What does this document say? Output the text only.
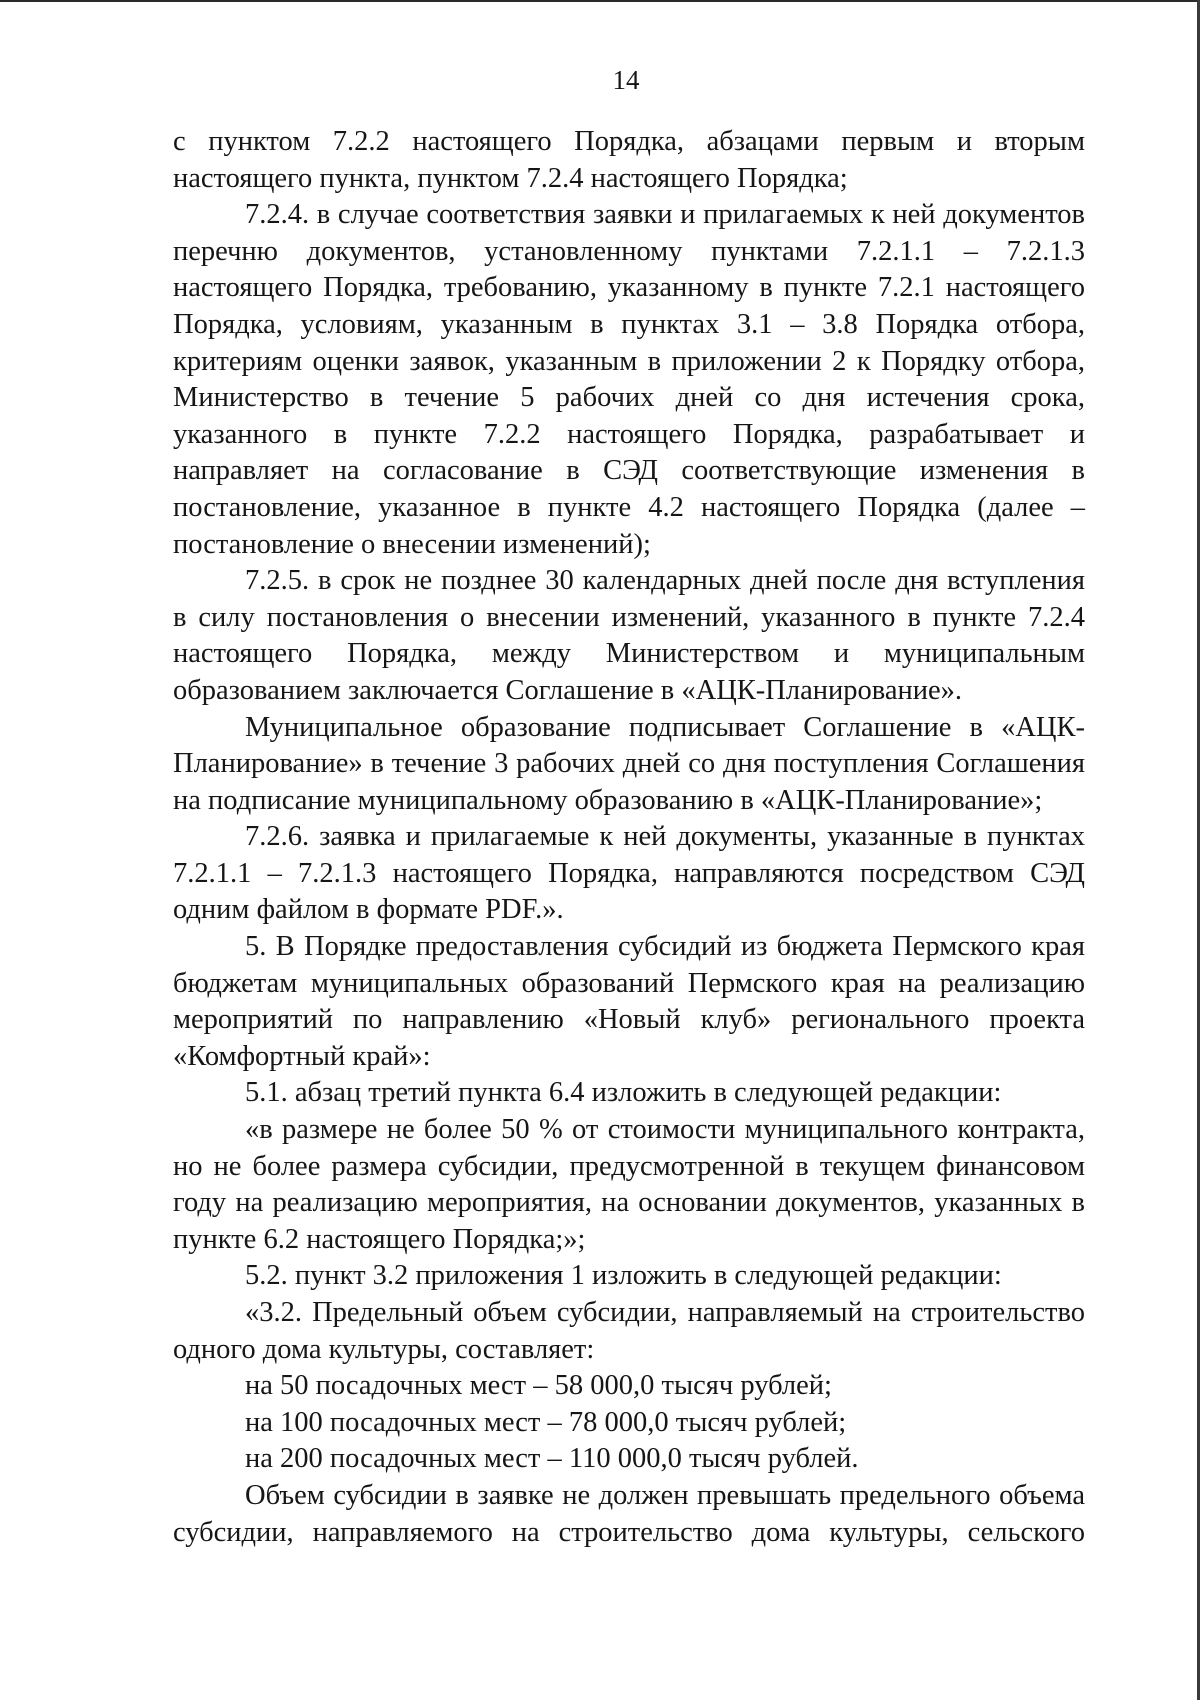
14

с пунктом 7.2.2 настоящего Порядка, абзацами первым и вторым настоящего пункта, пунктом 7.2.4 настоящего Порядка;

7.2.4. в случае соответствия заявки и прилагаемых к ней документов перечню документов, установленному пунктами 7.2.1.1 – 7.2.1.3 настоящего Порядка, требованию, указанному в пункте 7.2.1 настоящего Порядка, условиям, указанным в пунктах 3.1 – 3.8 Порядка отбора, критериям оценки заявок, указанным в приложении 2 к Порядку отбора, Министерство в течение 5 рабочих дней со дня истечения срока, указанного в пункте 7.2.2 настоящего Порядка, разрабатывает и направляет на согласование в СЭД соответствующие изменения в постановление, указанное в пункте 4.2 настоящего Порядка (далее – постановление о внесении изменений);

7.2.5. в срок не позднее 30 календарных дней после дня вступления в силу постановления о внесении изменений, указанного в пункте 7.2.4 настоящего Порядка, между Министерством и муниципальным образованием заключается Соглашение в «АЦК-Планирование».

Муниципальное образование подписывает Соглашение в «АЦК-Планирование» в течение 3 рабочих дней со дня поступления Соглашения на подписание муниципальному образованию в «АЦК-Планирование»;

7.2.6. заявка и прилагаемые к ней документы, указанные в пунктах 7.2.1.1 – 7.2.1.3 настоящего Порядка, направляются посредством СЭД одним файлом в формате PDF.».

5. В Порядке предоставления субсидий из бюджета Пермского края бюджетам муниципальных образований Пермского края на реализацию мероприятий по направлению «Новый клуб» регионального проекта «Комфортный край»:

5.1. абзац третий пункта 6.4 изложить в следующей редакции:

«в размере не более 50 % от стоимости муниципального контракта, но не более размера субсидии, предусмотренной в текущем финансовом году на реализацию мероприятия, на основании документов, указанных в пункте 6.2 настоящего Порядка;»;

5.2. пункт 3.2 приложения 1 изложить в следующей редакции:

«3.2. Предельный объем субсидии, направляемый на строительство одного дома культуры, составляет:

на 50 посадочных мест – 58 000,0 тысяч рублей;

на 100 посадочных мест – 78 000,0 тысяч рублей;

на 200 посадочных мест – 110 000,0 тысяч рублей.

Объем субсидии в заявке не должен превышать предельного объема субсидии, направляемого на строительство дома культуры, сельского
